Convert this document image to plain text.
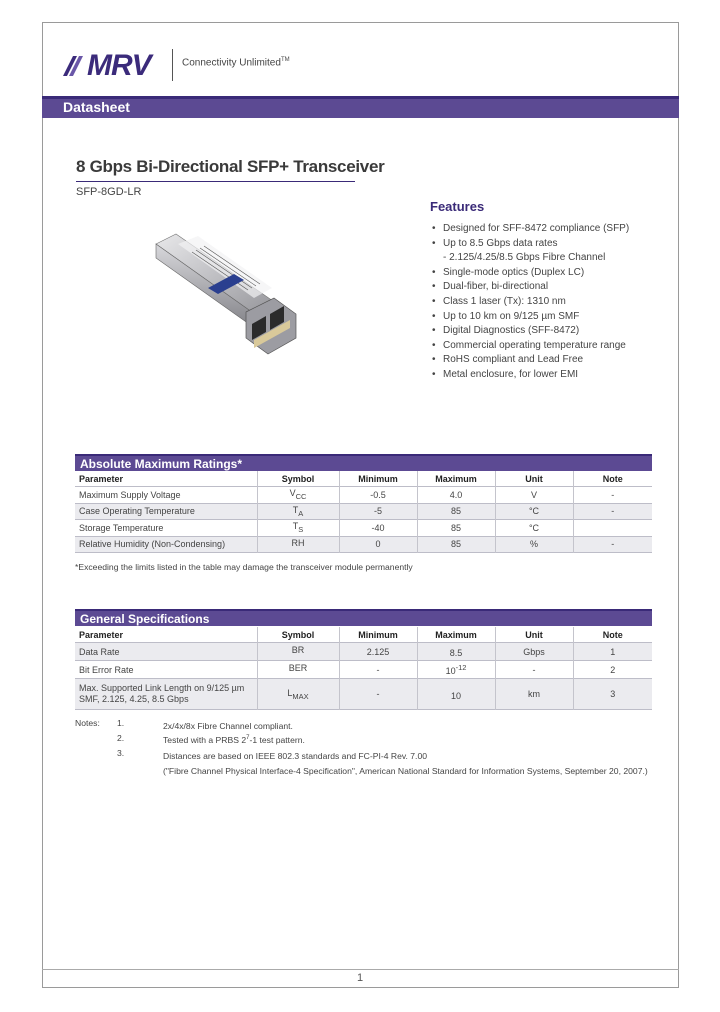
MRV	Connectivity Unlimited™
Datasheet
8 Gbps Bi-Directional SFP+ Transceiver
SFP-8GD-LR
Features
• Designed for SFF-8472 compliance (SFP)
• Up to 8.5 Gbps data rates
- 2.125/4.25/8.5 Gbps Fibre Channel
• Single-mode optics (Duplex LC)
• Dual-fiber, bi-directional
• Class 1 laser (Tx): 1310 nm
• Up to 10 km on 9/125 µm SMF
• Digital Diagnostics (SFF-8472)
• Commercial operating temperature range
• RoHS compliant and Lead Free
• Metal enclosure, for lower EMI
Absolute Maximum Ratings*
Parameter	Symbol	Minimum	Maximum	Unit	Note
Maximum Supply Voltage	$V_{CC}$	-0.5	4.0	V	-
Case Operating Temperature	$T_A$	-5	85	°C	-
Storage Temperature	$T_S$	-40	85	°C	
Relative Humidity (Non-Condensing)	RH	0	85	%	-
*Exceeding the limits listed in the table may damage the transceiver module permanently
General Specifications
Parameter	Symbol	Minimum	Maximum	Unit	Note
Data Rate	BR	2.125	8.5	Gbps	1
Bit Error Rate	BER	-	$10^{-12}$	-	2
Max. Supported Link Length on 9/125 µm
SMF, 2.125, 4.25, 8.5 Gbps	$L_{MAX}$	-	10	km	3
Notes:	1.	2x/4x/8x Fibre Channel compliant.
2.	Tested with a PRBS $2^7-1$ test pattern.
3.	Distances are based on IEEE 802.3 standards and FC-PI-4 Rev. 7.00
("Fibre Channel Physical Interface-4 Specification", American National Standard for Information Systems, September 20, 2007.)
1
